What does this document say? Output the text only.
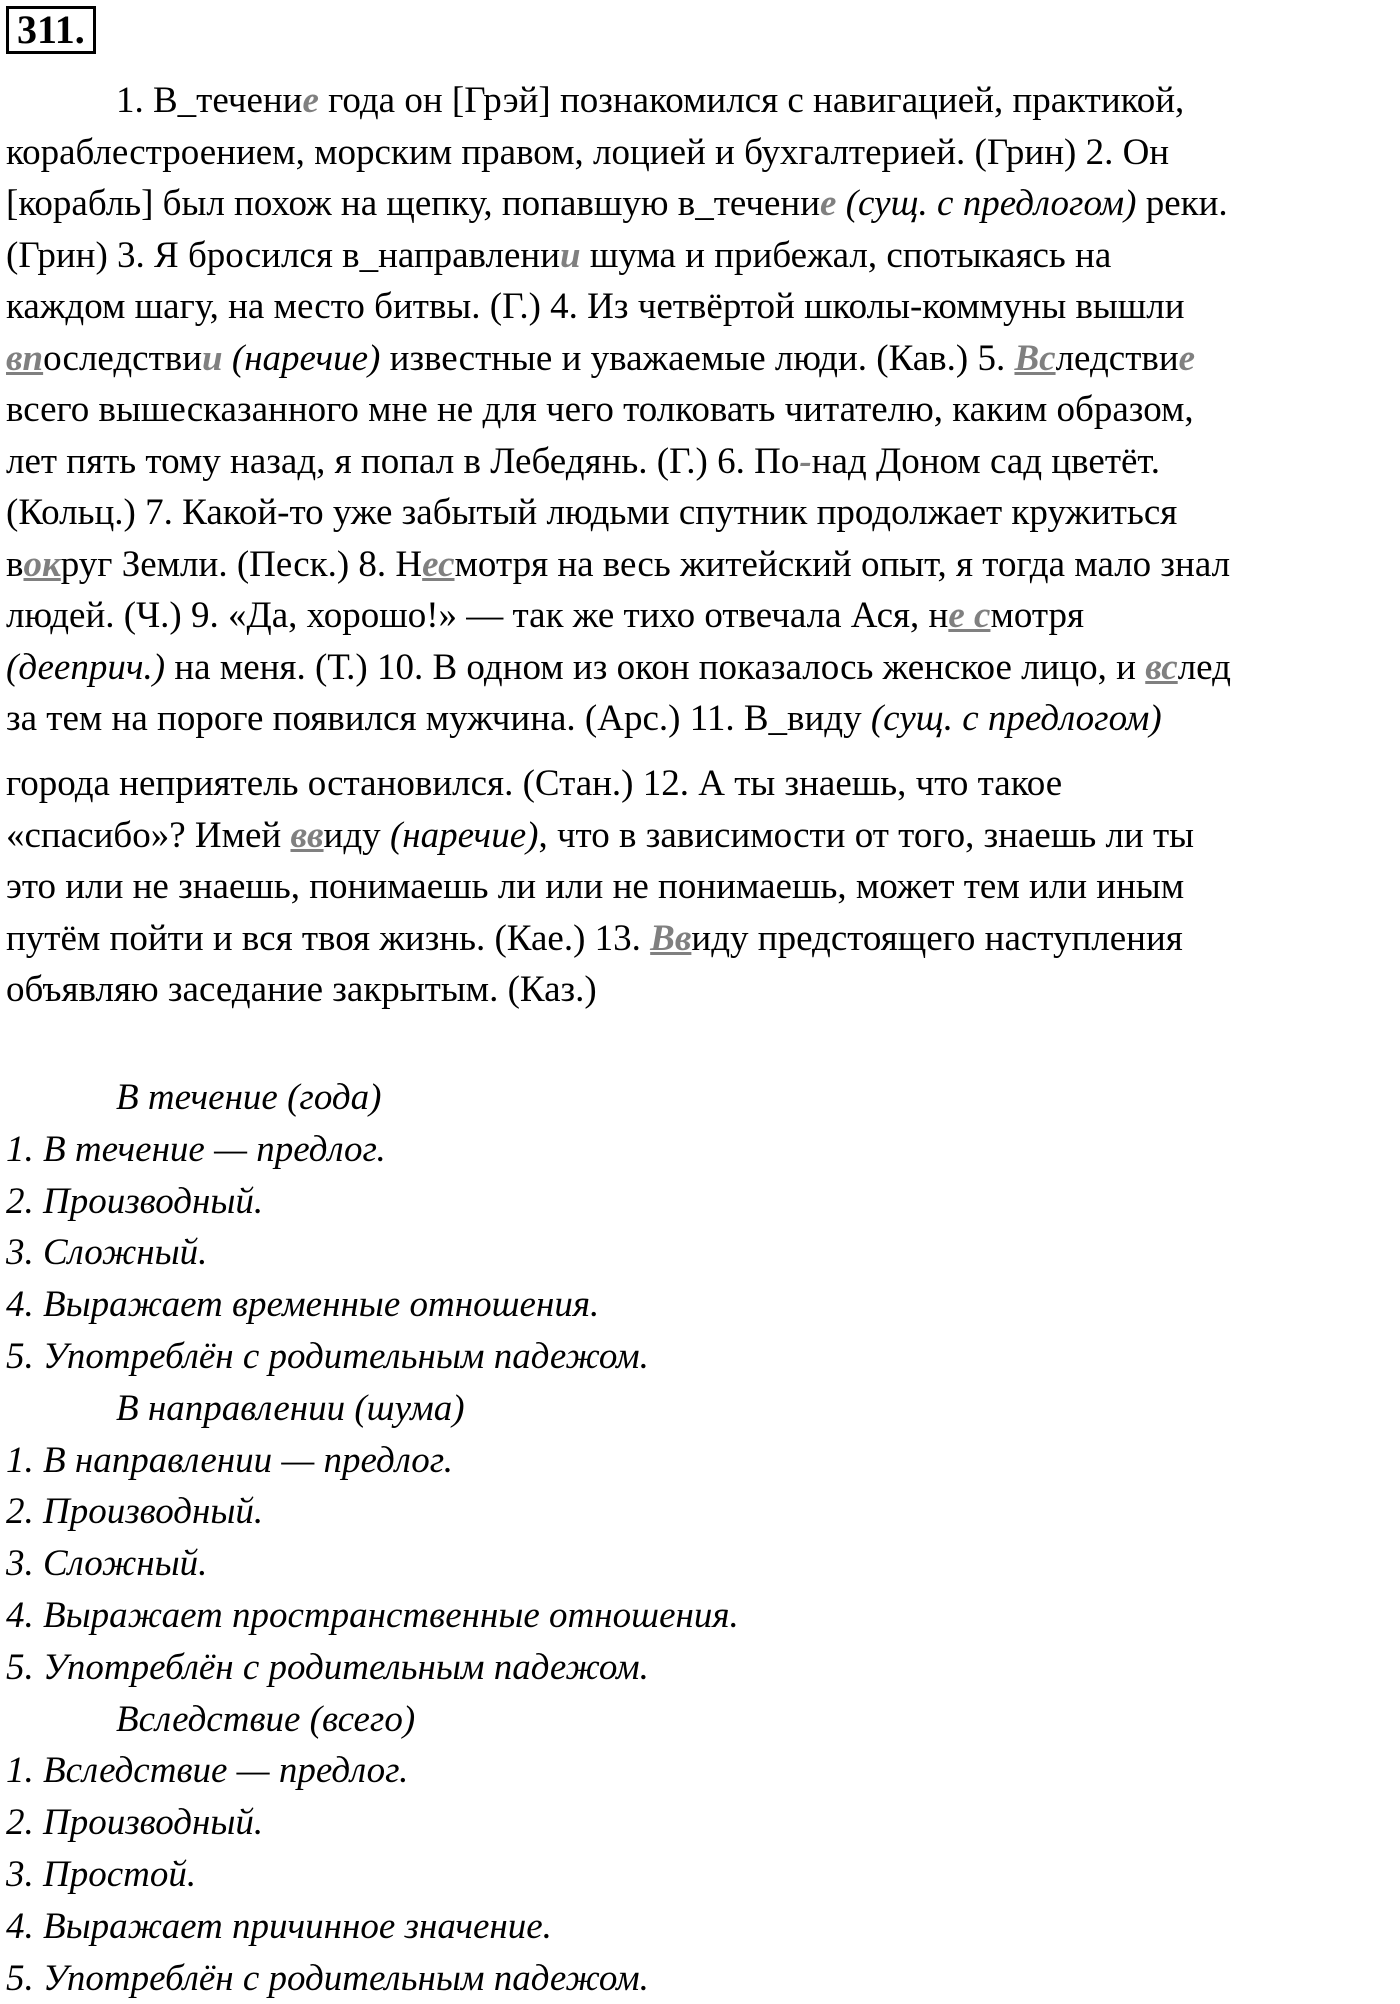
311.
1. В_течение года он [Грэй] познакомился с навигацией, практикой,
кораблестроением, морским правом, лоцией и бухгалтерией. (Грин) 2. Он
[корабль] был похож на щепку, попавшую в_течение (сущ. с предлогом) реки.
(Грин) 3. Я бросился в_направлении шума и прибежал, спотыкаясь на
каждом шагу, на место битвы. (Г.) 4. Из четвёртой школы-коммуны вышли
впоследствии (наречие) известные и уважаемые люди. (Кав.) 5. Вследствие
всего вышесказанного мне не для чего толковать читателю, каким образом,
лет пять тому назад, я попал в Лебедянь. (Г.) 6. По-над Доном сад цветёт.
(Кольц.) 7. Какой-то уже забытый людьми спутник продолжает кружиться
вокруг Земли. (Песк.) 8. Несмотря на весь житейский опыт, я тогда мало знал
людей. (Ч.) 9. «Да, хорошо!» — так же тихо отвечала Ася, не смотря
(дееприч.) на меня. (Т.) 10. В одном из окон показалось женское лицо, и вслед
за тем на пороге появился мужчина. (Арс.) 11. В_виду (сущ. с предлогом)
города неприятель остановился. (Стан.) 12. А ты знаешь, что такое
«спасибо»? Имей ввиду (наречие), что в зависимости от того, знаешь ли ты
это или не знаешь, понимаешь ли или не понимаешь, может тем или иным
путём пойти и вся твоя жизнь. (Кае.) 13. Ввиду предстоящего наступления
объявляю заседание закрытым. (Каз.)
В течение (года)
1. В течение — предлог.
2. Производный.
3. Сложный.
4. Выражает временные отношения.
5. Употреблён с родительным падежом.
В направлении (шума)
1. В направлении — предлог.
2. Производный.
3. Сложный.
4. Выражает пространственные отношения.
5. Употреблён с родительным падежом.
Вследствие (всего)
1. Вследствие — предлог.
2. Производный.
3. Простой.
4. Выражает причинное значение.
5. Употреблён с родительным падежом.
